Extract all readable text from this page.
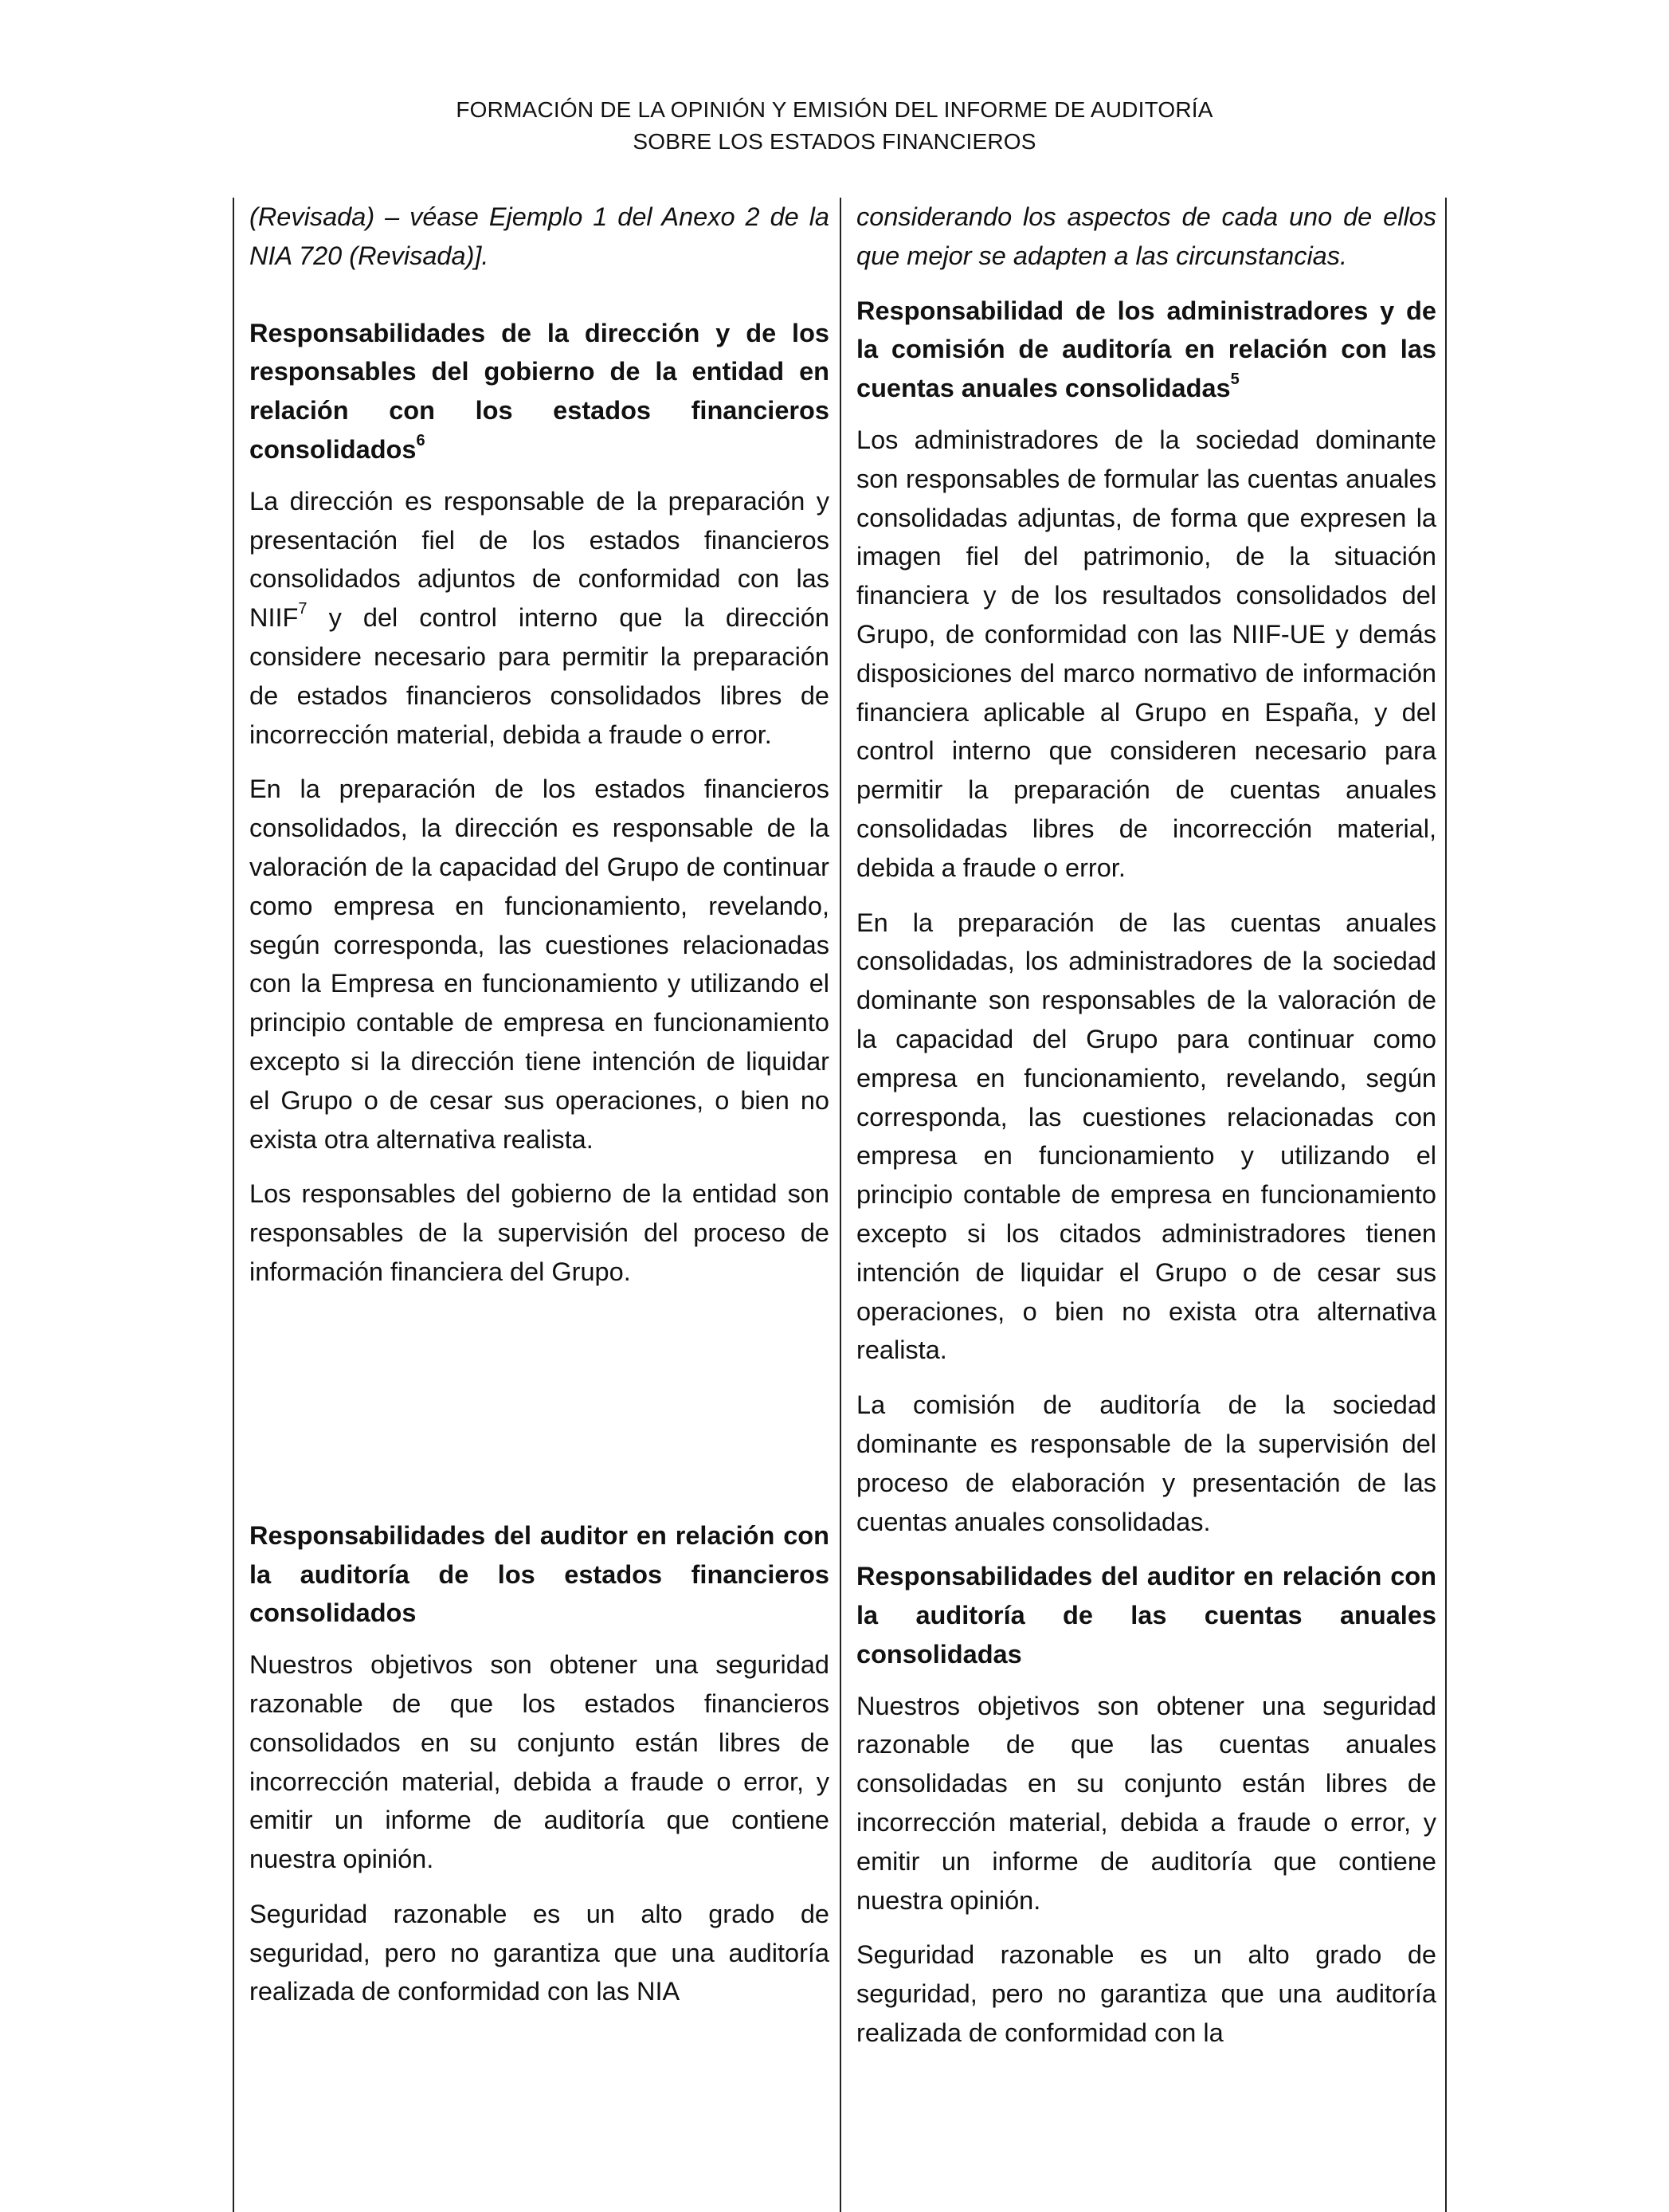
FORMACIÓN DE LA OPINIÓN Y EMISIÓN DEL INFORME DE AUDITORÍA
SOBRE LOS ESTADOS FINANCIEROS

(Revisada) – véase Ejemplo 1 del Anexo 2 de la NIA 720 (Revisada)].

Responsabilidades de la dirección y de los responsables del gobierno de la entidad en relación con los estados financieros consolidados$^6$

La dirección es responsable de la preparación y presentación fiel de los estados financieros consolidados adjuntos de conformidad con las NIIF$^7$ y del control interno que la dirección considere necesario para permitir la preparación de estados financieros consolidados libres de incorrección material, debida a fraude o error.

En la preparación de los estados financieros consolidados, la dirección es responsable de la valoración de la capacidad del Grupo de continuar como empresa en funcionamiento, revelando, según corresponda, las cuestiones relacionadas con la Empresa en funcionamiento y utilizando el principio contable de empresa en funcionamiento excepto si la dirección tiene intención de liquidar el Grupo o de cesar sus operaciones, o bien no exista otra alternativa realista.

Los responsables del gobierno de la entidad son responsables de la supervisión del proceso de información financiera del Grupo.

Responsabilidades del auditor en relación con la auditoría de los estados financieros consolidados

Nuestros objetivos son obtener una seguridad razonable de que los estados financieros consolidados en su conjunto están libres de incorrección material, debida a fraude o error, y emitir un informe de auditoría que contiene nuestra opinión.

Seguridad razonable es un alto grado de seguridad, pero no garantiza que una auditoría realizada de conformidad con las NIA

considerando los aspectos de cada uno de ellos que mejor se adapten a las circunstancias.

Responsabilidad de los administradores y de la comisión de auditoría en relación con las cuentas anuales consolidadas$^5$

Los administradores de la sociedad dominante son responsables de formular las cuentas anuales consolidadas adjuntas, de forma que expresen la imagen fiel del patrimonio, de la situación financiera y de los resultados consolidados del Grupo, de conformidad con las NIIF-UE y demás disposiciones del marco normativo de información financiera aplicable al Grupo en España, y del control interno que consideren necesario para permitir la preparación de cuentas anuales consolidadas libres de incorrección material, debida a fraude o error.

En la preparación de las cuentas anuales consolidadas, los administradores de la sociedad dominante son responsables de la valoración de la capacidad del Grupo para continuar como empresa en funcionamiento, revelando, según corresponda, las cuestiones relacionadas con empresa en funcionamiento y utilizando el principio contable de empresa en funcionamiento excepto si los citados administradores tienen intención de liquidar el Grupo o de cesar sus operaciones, o bien no exista otra alternativa realista.

La comisión de auditoría de la sociedad dominante es responsable de la supervisión del proceso de elaboración y presentación de las cuentas anuales consolidadas.

Responsabilidades del auditor en relación con la auditoría de las cuentas anuales consolidadas

Nuestros objetivos son obtener una seguridad razonable de que las cuentas anuales consolidadas en su conjunto están libres de incorrección material, debida a fraude o error, y emitir un informe de auditoría que contiene nuestra opinión.

Seguridad razonable es un alto grado de seguridad, pero no garantiza que una auditoría realizada de conformidad con la
